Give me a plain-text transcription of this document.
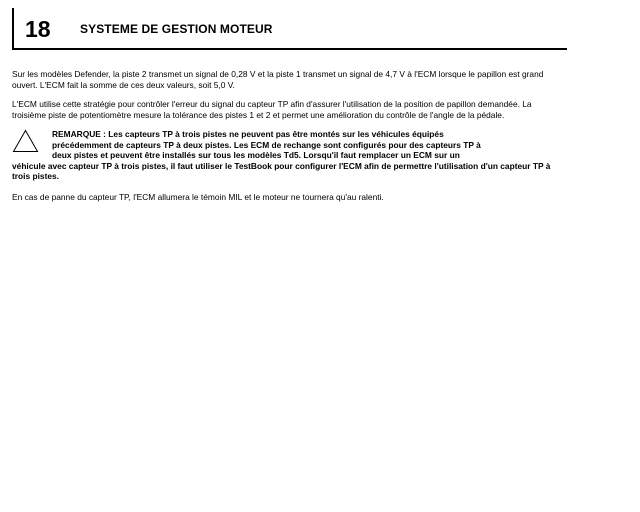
18 SYSTEME DE GESTION MOTEUR

Sur les modèles Defender, la piste 2 transmet un signal de 0,28 V et la piste 1 transmet un signal de 4,7 V à l'ECM lorsque le papillon est grand ouvert. L'ECM fait la somme de ces deux valeurs, soit 5,0 V.

L'ECM utilise cette stratégie pour contrôler l'erreur du signal du capteur TP afin d'assurer l'utilisation de la position de papillon demandée. La troisième piste de potentiomètre mesure la tolérance des pistes 1 et 2 et permet une amélioration du contrôle de l'angle de la pédale.

REMARQUE : Les capteurs TP à trois pistes ne peuvent pas être montés sur les véhicules équipés
précédemment de capteurs TP à deux pistes. Les ECM de rechange sont configurés pour des capteurs TP à
deux pistes et peuvent être installés sur tous les modèles Td5. Lorsqu'il faut remplacer un ECM sur un
véhicule avec capteur TP à trois pistes, il faut utiliser le TestBook pour configurer l'ECM afin de permettre l'utilisation d'un capteur TP à trois pistes.

En cas de panne du capteur TP, l'ECM allumera le témoin MIL et le moteur ne tournera qu'au ralenti.
